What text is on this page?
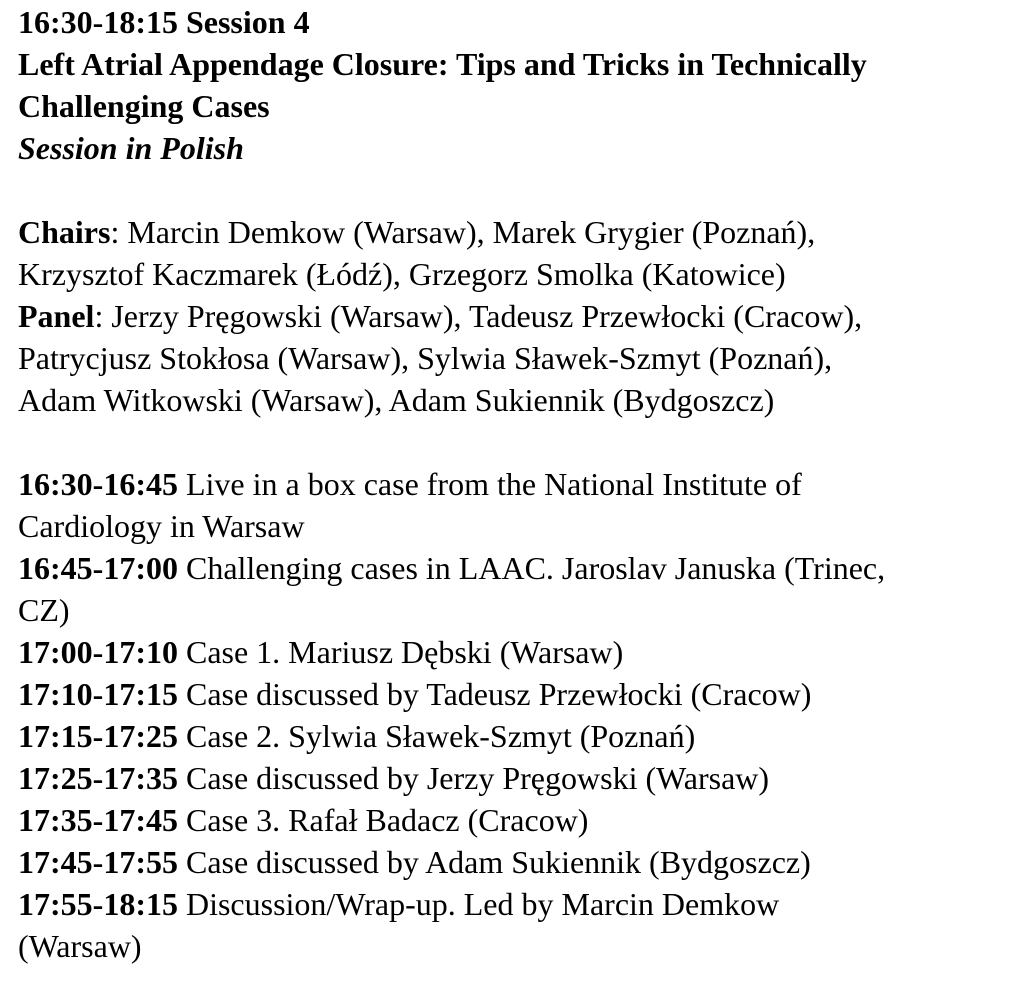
16:30-18:15 Session 4
Left Atrial Appendage Closure: Tips and Tricks in Technically
Challenging Cases
Session in Polish
Chairs: Marcin Demkow (Warsaw), Marek Grygier (Poznań),
Krzysztof Kaczmarek (Łódź), Grzegorz Smolka (Katowice)
Panel: Jerzy Pręgowski (Warsaw), Tadeusz Przewłocki (Cracow),
Patrycjusz Stokłosa (Warsaw), Sylwia Sławek-Szmyt (Poznań),
Adam Witkowski (Warsaw), Adam Sukiennik (Bydgoszcz)
16:30-16:45 Live in a box case from the National Institute of
Cardiology in Warsaw
16:45-17:00 Challenging cases in LAAC. Jaroslav Januska (Trinec,
CZ)
17:00-17:10 Case 1. Mariusz Dębski (Warsaw)
17:10-17:15 Case discussed by Tadeusz Przewłocki (Cracow)
17:15-17:25 Case 2. Sylwia Sławek-Szmyt (Poznań)
17:25-17:35 Case discussed by Jerzy Pręgowski (Warsaw)
17:35-17:45 Case 3. Rafał Badacz (Cracow)
17:45-17:55 Case discussed by Adam Sukiennik (Bydgoszcz)
17:55-18:15 Discussion/Wrap-up. Led by Marcin Demkow
(Warsaw)
